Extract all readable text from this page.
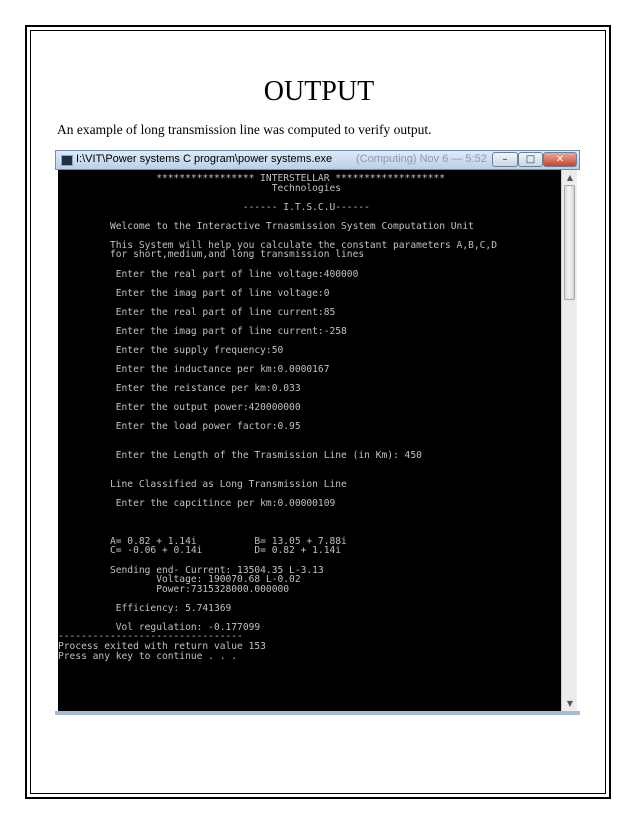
OUTPUT
An example of long transmission line was computed to verify output.
I:\VIT\Power systems C program\power systems.exe (Computing) Nov 6 — 5:52	–	□	✕
***************** INTERSTELLAR *******************
Technologies
------ I.T.S.C.U------
Welcome to the Interactive Trnasmission System Computation Unit
This System will help you calculate the constant parameters A,B,C,D
for short,medium,and long transmission lines
Enter the real part of line voltage:400000
Enter the imag part of line voltage:0
Enter the real part of line current:85
Enter the imag part of line current:-258
Enter the supply frequency:50
Enter the inductance per km:0.0000167
Enter the reistance per km:0.033
Enter the output power:420000000
Enter the load power factor:0.95
Enter the Length of the Trasmission Line (in Km): 450
Line Classified as Long Transmission Line
Enter the capcitince per km:0.00000109
A= 0.82 + 1.14i          B= 13.05 + 7.88i
C= -0.06 + 0.14i         D= 0.82 + 1.14i
Sending end- Current: 13504.35 L-3.13
Voltage: 190070.68 L-0.02
Power:7315328000.000000
Efficiency: 5.741369
Vol regulation: -0.177099
--------------------------------
Process exited with return value 153
Press any key to continue . . .
▲
▼
